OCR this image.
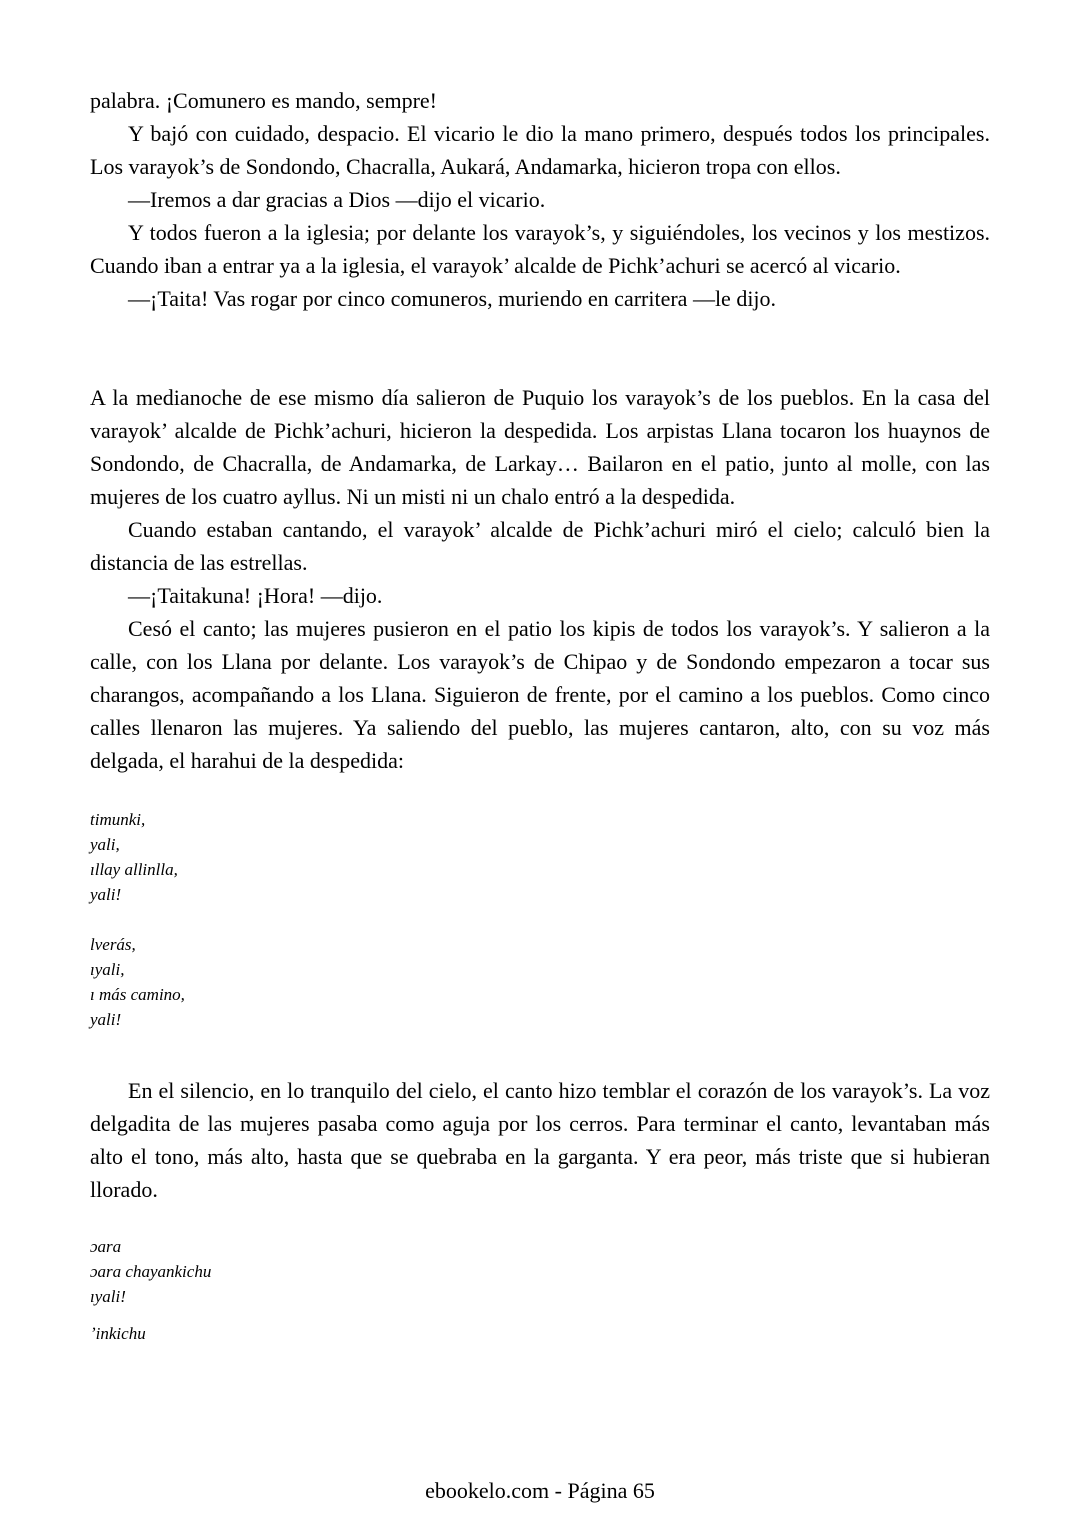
palabra. ¡Comunero es mando, sempre!

Y bajó con cuidado, despacio. El vicario le dio la mano primero, después todos los principales. Los varayok’s de Sondondo, Chacralla, Aukará, Andamarka, hicieron tropa con ellos.

—Iremos a dar gracias a Dios —dijo el vicario.

Y todos fueron a la iglesia; por delante los varayok’s, y siguiéndoles, los vecinos y los mestizos. Cuando iban a entrar ya a la iglesia, el varayok’ alcalde de Pichk’achuri se acercó al vicario.

—¡Taita! Vas rogar por cinco comuneros, muriendo en carritera —le dijo.

A la medianoche de ese mismo día salieron de Puquio los varayok’s de los pueblos. En la casa del varayok’ alcalde de Pichk’achuri, hicieron la despedida. Los arpistas Llana tocaron los huaynos de Sondondo, de Chacralla, de Andamarka, de Larkay… Bailaron en el patio, junto al molle, con las mujeres de los cuatro ayllus. Ni un misti ni un chalo entró a la despedida.

Cuando estaban cantando, el varayok’ alcalde de Pichk’achuri miró el cielo; calculó bien la distancia de las estrellas.

—¡Taitakuna! ¡Hora! —dijo.

Cesó el canto; las mujeres pusieron en el patio los kipis de todos los varayok’s. Y salieron a la calle, con los Llana por delante. Los varayok’s de Chipao y de Sondondo empezaron a tocar sus charangos, acompañando a los Llana. Siguieron de frente, por el camino a los pueblos. Como cinco calles llenaron las mujeres. Ya saliendo del pueblo, las mujeres cantaron, alto, con su voz más delgada, el harahui de la despedida:

timunki,
yali,
ıllay allinlla,
yali!
lverás,
ıyali,
ı más camino,
yali!

En el silencio, en lo tranquilo del cielo, el canto hizo temblar el corazón de los varayok’s. La voz delgadita de las mujeres pasaba como aguja por los cerros. Para terminar el canto, levantaban más alto el tono, más alto, hasta que se quebraba en la garganta. Y era peor, más triste que si hubieran llorado.

ɔara
ɔara chayankichu
ıyali!
ʼinkichu
ebookelo.com - Página 65
